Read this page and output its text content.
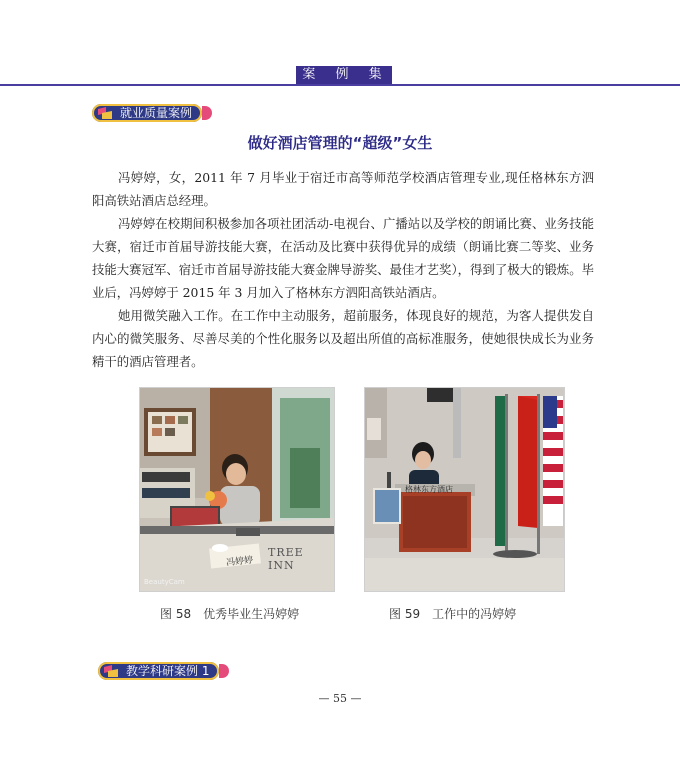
案 例 集
就业质量案例
做好酒店管理的“超级”女生

冯婷婷，女，2011 年 7 月毕业于宿迁市高等师范学校酒店管理专业,现任格林东方泗阳高铁站酒店总经理。

冯婷婷在校期间积极参加各项社团活动-电视台、广播站以及学校的朗诵比赛、业务技能大赛，宿迁市首届导游技能大赛，在活动及比赛中获得优异的成绩（朗诵比赛二等奖、业务技能大赛冠军、宿迁市首届导游技能大赛金牌导游奖、最佳才艺奖），得到了极大的锻炼。毕业后，冯婷婷于 2015 年 3 月加入了格林东方泗阳高铁站酒店。

她用微笑融入工作。在工作中主动服务，超前服务，体现良好的规范，为客人提供发自内心的微笑服务、尽善尽美的个性化服务以及超出所值的高标准服务，使她很快成长为业务精干的酒店管理者。

冯婷婷
TREE INN
BeautyCam
格林东方酒店
图 58　优秀毕业生冯婷婷	图 59　工作中的冯婷婷
教学科研案例 1
— 55 —
